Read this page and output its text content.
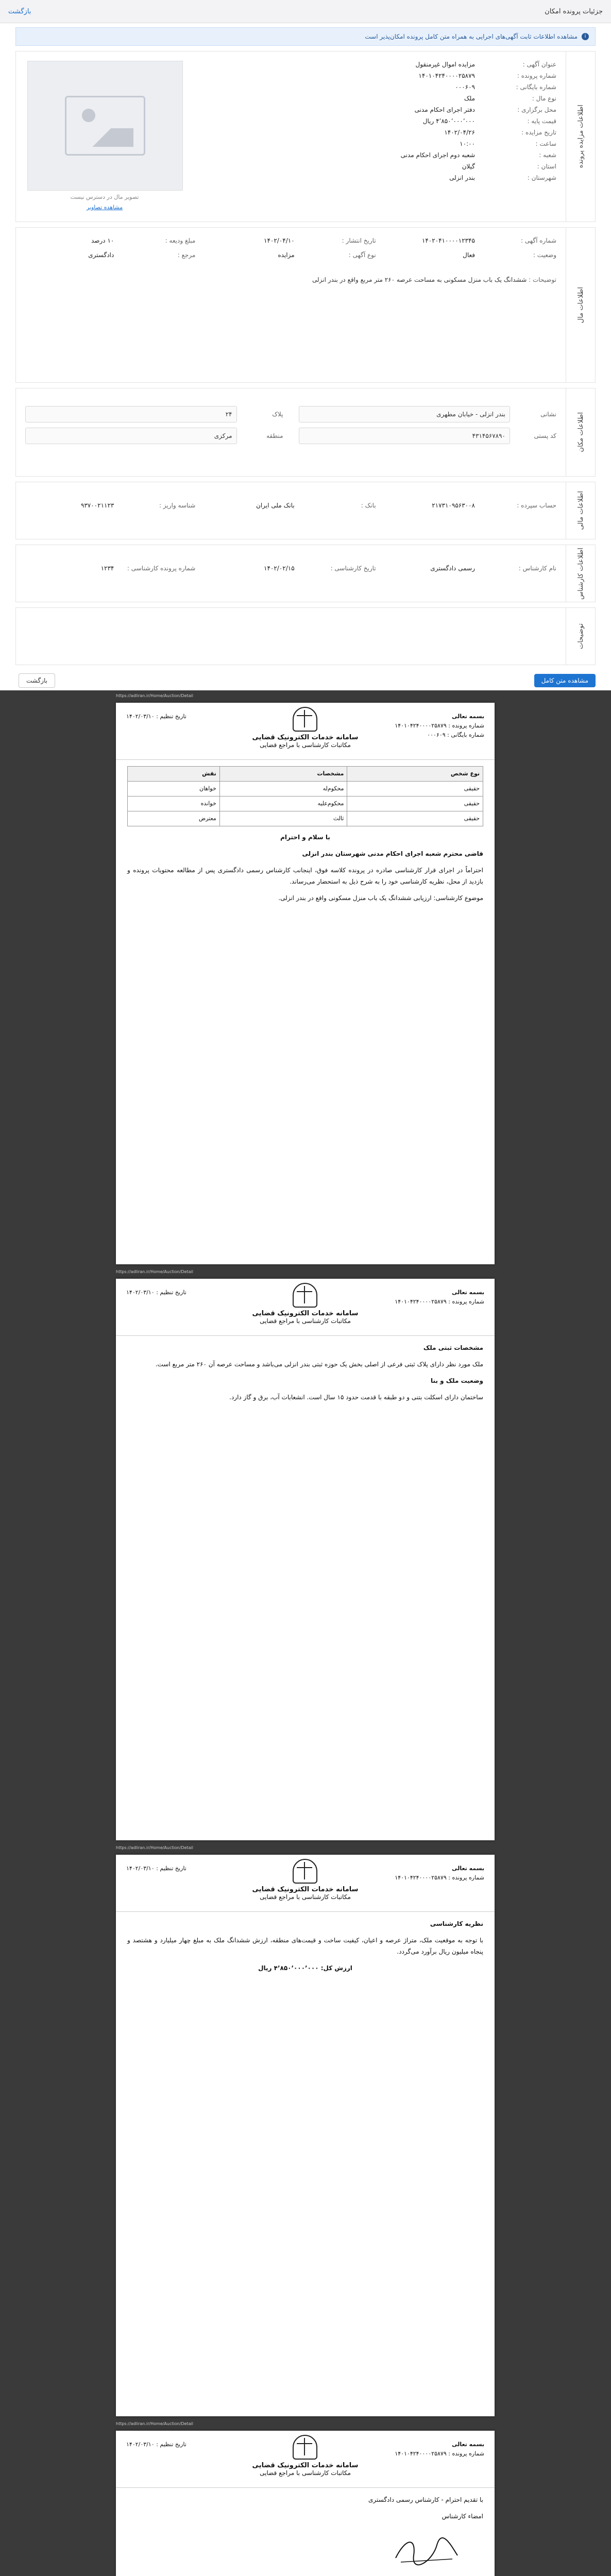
جزئیات پرونده امکان
بازگشت
i
مشاهده اطلاعات ثابت آگهی‌های اجرایی به همراه متن کامل پرونده امکان‌پذیر است
اطلاعات مزایده پرونده
عنوان آگهی :
مزایده اموال غیرمنقول
شماره پرونده :
۱۴۰۱۰۴۲۴۰۰۰۰۲۵۸۷۹
شماره بایگانی :
۰۰۰۶۰۹
نوع مال :
ملک
محل برگزاری :
دفتر اجرای احکام مدنی
قیمت پایه :
۴٬۸۵۰٬۰۰۰٬۰۰۰ ریال
تاریخ مزایده :
۱۴۰۲/۰۴/۲۶
ساعت :
۱۰:۰۰
شعبه :
شعبه دوم اجرای احکام مدنی
استان :
گیلان
شهرستان :
بندر انزلی
تصویر مال در دسترس نیست
مشاهده تصاویر
اطلاعات مال
شماره آگهی :
۱۴۰۲۰۴۱۰۰۰۰۱۲۳۴۵
تاریخ انتشار :
۱۴۰۲/۰۴/۱۰
مبلغ ودیعه :
۱۰ درصد
وضعیت :
فعال
نوع آگهی :
مزایده
مرجع :
دادگستری
توضیحات : ششدانگ یک باب منزل مسکونی به مساحت عرصه ۲۶۰ متر مربع واقع در بندر انزلی
اطلاعات مکان
نشانی
بندر انزلی - خیابان مطهری
پلاک
۲۴
کد پستی
۴۳۱۴۵۶۷۸۹۰
منطقه
مرکزی
اطلاعات مالی
حساب سپرده :
۲۱۷۳۱۰۹۵۶۳۰۰۸
بانک :
بانک ملی ایران
شناسه واریز :
۹۳۷۰۰۲۱۱۲۳
اطلاعات کارشناس
نام کارشناس :
رسمی دادگستری
تاریخ کارشناسی :
۱۴۰۲/۰۲/۱۵
شماره پرونده کارشناسی :
۱۲۳۴
توضیحات
مشاهده متن کامل
بازگشت
https://adliran.ir/Home/Auction/Detail
بسمه تعالی
شماره پرونده : ۱۴۰۱۰۴۲۴۰۰۰۰۲۵۸۷۹
شماره بایگانی : ۰۰۰۶۰۹
سامانه خدمات الکترونیک قضایی
مکاتبات کارشناسی با مراجع قضایی
تاریخ تنظیم : ۱۴۰۲/۰۳/۱۰
نوع شخص	مشخصات	نقش
حقیقی	محکوم‌له	خواهان
حقیقی	محکوم‌علیه	خوانده
حقیقی	ثالث	معترض

با سلام و احترام

قاضی محترم شعبه اجرای احکام مدنی شهرستان بندر انزلی

احتراماً در اجرای قرار کارشناسی صادره در پرونده کلاسه فوق، اینجانب کارشناس رسمی دادگستری پس از مطالعه محتویات پرونده و بازدید از محل، نظریه کارشناسی خود را به شرح ذیل به استحضار می‌رساند.

موضوع کارشناسی: ارزیابی ششدانگ یک باب منزل مسکونی واقع در بندر انزلی.

https://adliran.ir/Home/Auction/Detail
بسمه تعالی
شماره پرونده : ۱۴۰۱۰۴۲۴۰۰۰۰۲۵۸۷۹
سامانه خدمات الکترونیک قضایی
مکاتبات کارشناسی با مراجع قضایی
تاریخ تنظیم : ۱۴۰۲/۰۳/۱۰

مشخصات ثبتی ملک

ملک مورد نظر دارای پلاک ثبتی فرعی از اصلی بخش یک حوزه ثبتی بندر انزلی می‌باشد و مساحت عرصه آن ۲۶۰ متر مربع است.

وضعیت ملک و بنا

ساختمان دارای اسکلت بتنی و دو طبقه با قدمت حدود ۱۵ سال است. انشعابات آب، برق و گاز دارد.

https://adliran.ir/Home/Auction/Detail
بسمه تعالی
شماره پرونده : ۱۴۰۱۰۴۲۴۰۰۰۰۲۵۸۷۹
سامانه خدمات الکترونیک قضایی
مکاتبات کارشناسی با مراجع قضایی
تاریخ تنظیم : ۱۴۰۲/۰۳/۱۰

نظریه کارشناسی

با توجه به موقعیت ملک، متراژ عرصه و اعیان، کیفیت ساخت و قیمت‌های منطقه، ارزش ششدانگ ملک به مبلغ چهار میلیارد و هشتصد و پنجاه میلیون ریال برآورد می‌گردد.

ارزش کل: ۴٬۸۵۰٬۰۰۰٬۰۰۰ ریال

https://adliran.ir/Home/Auction/Detail
بسمه تعالی
شماره پرونده : ۱۴۰۱۰۴۲۴۰۰۰۰۲۵۸۷۹
سامانه خدمات الکترونیک قضایی
مکاتبات کارشناسی با مراجع قضایی
تاریخ تنظیم : ۱۴۰۲/۰۳/۱۰

با تقدیم احترام - کارشناس رسمی دادگستری

امضاء کارشناس
